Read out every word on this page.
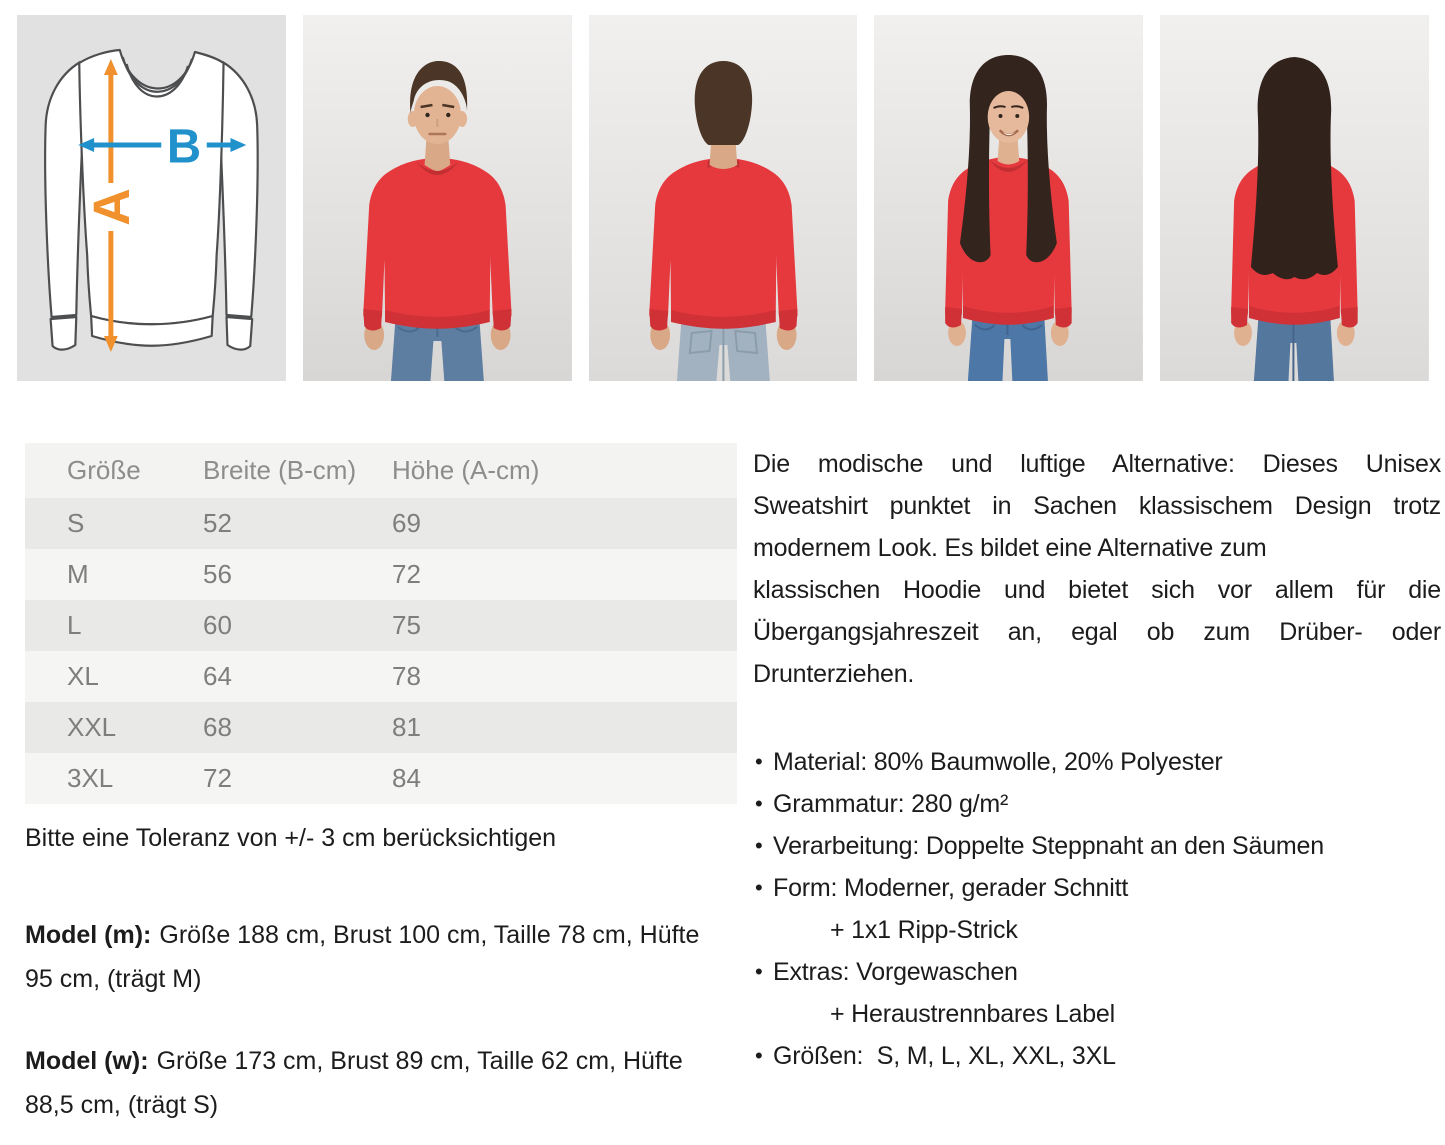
A
B
Größe	Breite (B-cm)	Höhe (A-cm)
S	52	69
M	56	72
L	60	75
XL	64	78
XXL	68	81
3XL	72	84

Bitte eine Toleranz von +/- 3 cm berücksichtigen

Model (m): Größe 188 cm, Brust 100 cm, Taille 78 cm, Hüfte 95 cm, (trägt M)

Model (w): Größe 173 cm, Brust 89 cm, Taille 62 cm, Hüfte 88,5 cm, (trägt S)

Die modische und luftige Alternative: Dieses Unisex
Sweatshirt punktet in Sachen klassischem Design trotz
modernem Look. Es bildet eine Alternative zum
klassischen Hoodie und bietet sich vor allem für die
Übergangsjahreszeit an, egal ob zum Drüber- oder
Drunterziehen.
• Material: 80% Baumwolle, 20% Polyester
• Grammatur: 280 g/m²
• Verarbeitung: Doppelte Steppnaht an den Säumen
• Form: Moderner, gerader Schnitt
+ 1x1 Ripp-Strick
• Extras: Vorgewaschen
+ Heraustrennbares Label
• Größen:  S, M, L, XL, XXL, 3XL
